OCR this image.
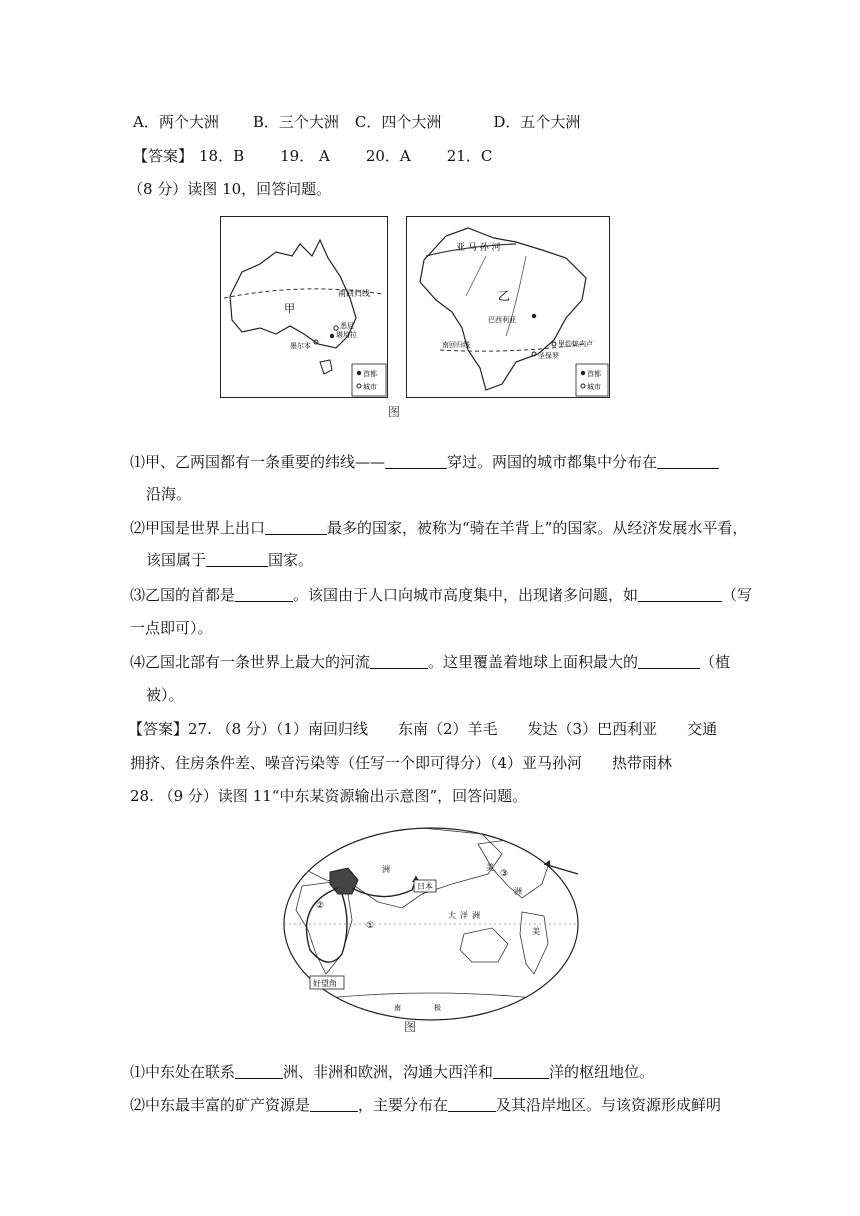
A．两个大洲 B．三个大洲 C．四个大洲	D．五个大洲
【答案】 18．B 19． A 20．A 21．C
（8 分）读图 10，回答问题。
南回归线
甲
悉尼
堪培拉
墨尔本
首都
城市
亚 马 孙 河
乙
巴西利亚
南回归线	里约热内卢
圣保罗
首都
城市
图
⑴甲、乙两国都有一条重要的纬线——	穿过。两国的城市都集中分布在
沿海。
⑵甲国是世界上出口	最多的国家，被称为“骑在羊背上”的国家。从经济发展水平看，
该国属于	国家。
⑶乙国的首都是	。该国由于人口向城市高度集中，出现诸多问题，如	（写
一点即可）。
⑷乙国北部有一条世界上最大的河流	。这里覆盖着地球上面积最大的	（植
被）。
【答案】27. （8 分）（1）南回归线　　东南（2）羊毛　　发达（3）巴西利亚　　交通
拥挤、住房条件差、噪音污染等（任写一个即可得分）（4）亚马孙河　　热带雨林
28. （9 分）读图 11“中东某资源输出示意图”，回答问题。
日本
好望角
②
①
③
洲
大 洋 洲
美
美
洲
南	极
图
⑴中东处在联系	洲、非洲和欧洲，沟通大西洋和	洋的枢纽地位。
⑵中东最丰富的矿产资源是	，主要分布在	及其沿岸地区。与该资源形成鲜明
